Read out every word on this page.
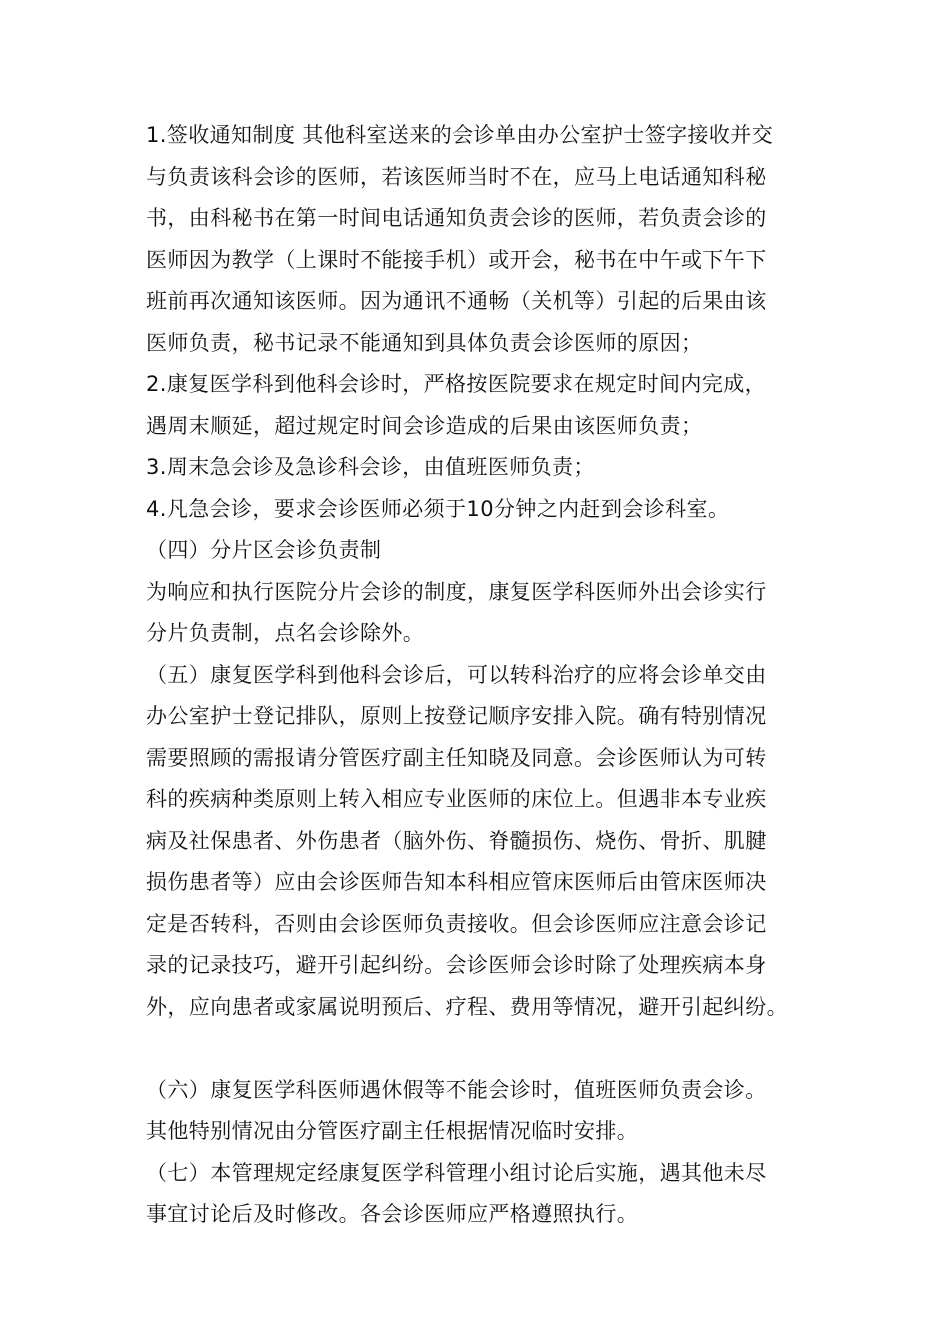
1.签收通知制度 其他科室送来的会诊单由办公室护士签字接收并交
与负责该科会诊的医师，若该医师当时不在，应马上电话通知科秘
书，由科秘书在第一时间电话通知负责会诊的医师，若负责会诊的
医师因为教学（上课时不能接手机）或开会，秘书在中午或下午下
班前再次通知该医师。因为通讯不通畅（关机等）引起的后果由该
医师负责，秘书记录不能通知到具体负责会诊医师的原因；
2.康复医学科到他科会诊时，严格按医院要求在规定时间内完成，
遇周末顺延，超过规定时间会诊造成的后果由该医师负责；
3.周末急会诊及急诊科会诊，由值班医师负责；
4.凡急会诊，要求会诊医师必须于10分钟之内赶到会诊科室。
（四）分片区会诊负责制
为响应和执行医院分片会诊的制度，康复医学科医师外出会诊实行
分片负责制，点名会诊除外。
（五）康复医学科到他科会诊后，可以转科治疗的应将会诊单交由
办公室护士登记排队，原则上按登记顺序安排入院。确有特别情况
需要照顾的需报请分管医疗副主任知晓及同意。会诊医师认为可转
科的疾病种类原则上转入相应专业医师的床位上。但遇非本专业疾
病及社保患者、外伤患者（脑外伤、脊髓损伤、烧伤、骨折、肌腱
损伤患者等）应由会诊医师告知本科相应管床医师后由管床医师决
定是否转科，否则由会诊医师负责接收。但会诊医师应注意会诊记
录的记录技巧，避开引起纠纷。会诊医师会诊时除了处理疾病本身
外，应向患者或家属说明预后、疗程、费用等情况，避开引起纠纷。
（六）康复医学科医师遇休假等不能会诊时，值班医师负责会诊。
其他特别情况由分管医疗副主任根据情况临时安排。
（七）本管理规定经康复医学科管理小组讨论后实施，遇其他未尽
事宜讨论后及时修改。各会诊医师应严格遵照执行。
